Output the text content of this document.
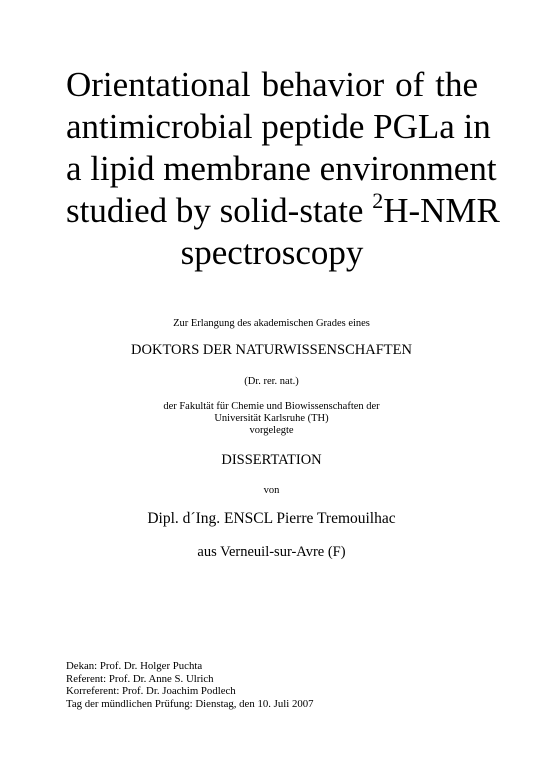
Orientational behavior of the
antimicrobial peptide PGLa in
a lipid membrane environment
studied by solid-state $^2$H-NMR
spectroscopy

Zur Erlangung des akademischen Grades eines

DOKTORS DER NATURWISSENSCHAFTEN

(Dr. rer. nat.)

der Fakultät für Chemie und Biowissenschaften der
Universität Karlsruhe (TH)
vorgelegte

DISSERTATION

von

Dipl. d´Ing. ENSCL Pierre Tremouilhac

aus Verneuil-sur-Avre (F)

Dekan: Prof. Dr. Holger Puchta
Referent: Prof. Dr. Anne S. Ulrich
Korreferent: Prof. Dr. Joachim Podlech
Tag der mündlichen Prüfung: Dienstag, den 10. Juli 2007
